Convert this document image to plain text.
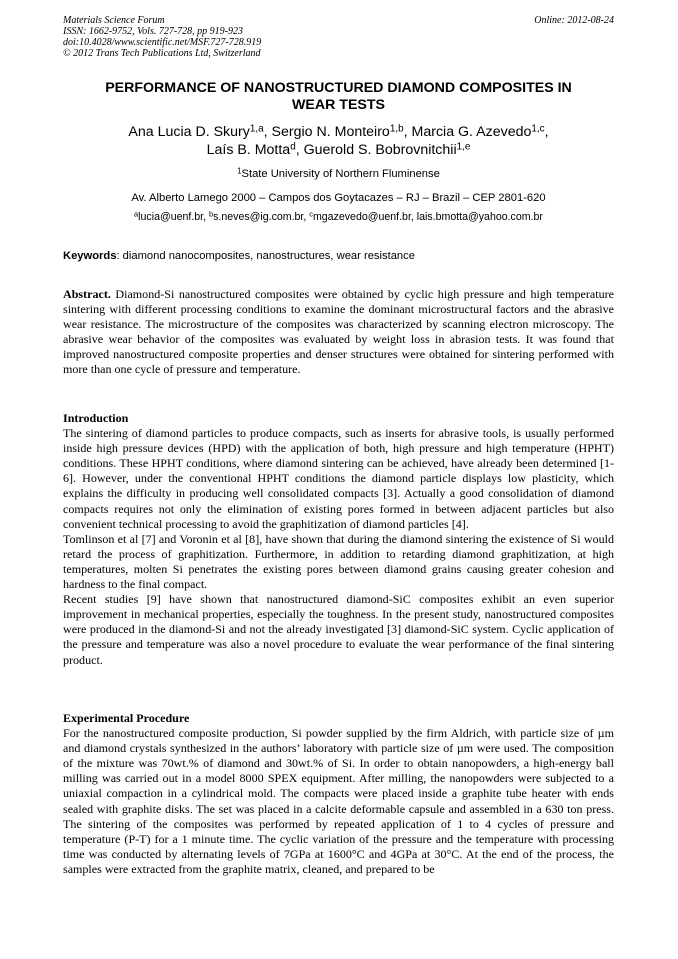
Materials Science Forum
ISSN: 1662-9752, Vols. 727-728, pp 919-923
doi:10.4028/www.scientific.net/MSF.727-728.919
© 2012 Trans Tech Publications Ltd, Switzerland
Online: 2012-08-24
PERFORMANCE OF NANOSTRUCTURED DIAMOND COMPOSITES IN
WEAR TESTS
Ana Lucia D. Skury$^{1,a}$, Sergio N. Monteiro$^{1,b}$, Marcia G. Azevedo$^{1,c}$,
Laís B. Motta$^d$, Guerold S. Bobrovnitchii$^{1,e}$
$^1$State University of Northern Fluminense
Av. Alberto Lamego 2000 – Campos dos Goytacazes – RJ – Brazil – CEP 2801-620
$^a$lucia@uenf.br, $^b$s.neves@ig.com.br, $^c$mgazevedo@uenf.br, lais.bmotta@yahoo.com.br
Keywords: diamond nanocomposites, nanostructures, wear resistance

Abstract. Diamond-Si nanostructured composites were obtained by cyclic high pressure and high temperature sintering with different processing conditions to examine the dominant microstructural factors and the abrasive wear resistance. The microstructure of the composites was characterized by scanning electron microscopy. The abrasive wear behavior of the composites was evaluated by weight loss in abrasion tests. It was found that improved nanostructured composite properties and denser structures were obtained for sintering performed with more than one cycle of pressure and temperature.

Introduction

The sintering of diamond particles to produce compacts, such as inserts for abrasive tools, is usually performed inside high pressure devices (HPD) with the application of both, high pressure and high temperature (HPHT) conditions. These HPHT conditions, where diamond sintering can be achieved, have already been determined [1-6]. However, under the conventional HPHT conditions the diamond particle displays low plasticity, which explains the difficulty in producing well consolidated compacts [3]. Actually a good consolidation of diamond compacts requires not only the elimination of existing pores formed in between adjacent particles but also convenient technical processing to avoid the graphitization of diamond particles [4].

Tomlinson et al [7] and Voronin et al [8], have shown that during the diamond sintering the existence of Si would retard the process of graphitization. Furthermore, in addition to retarding diamond graphitization, at high temperatures, molten Si penetrates the existing pores between diamond grains causing greater cohesion and hardness to the final compact.

Recent studies [9] have shown that nanostructured diamond-SiC composites exhibit an even superior improvement in mechanical properties, especially the toughness. In the present study, nanostructured composites were produced in the diamond-Si and not the already investigated [3] diamond-SiC system. Cyclic application of the pressure and temperature was also a novel procedure to evaluate the wear performance of the final sintering product.

Experimental Procedure

For the nanostructured composite production, Si powder supplied by the firm Aldrich, with particle size of µm and diamond crystals synthesized in the authors’ laboratory with particle size of µm were used. The composition of the mixture was 70wt.% of diamond and 30wt.% of Si. In order to obtain nanopowders, a high-energy ball milling was carried out in a model 8000 SPEX equipment. After milling, the nanopowders were subjected to a uniaxial compaction in a cylindrical mold. The compacts were placed inside a graphite tube heater with ends sealed with graphite disks. The set was placed in a calcite deformable capsule and assembled in a 630 ton press. The sintering of the composites was performed by repeated application of 1 to 4 cycles of pressure and temperature (P-T) for a 1 minute time. The cyclic variation of the pressure and the temperature with processing time was conducted by alternating levels of 7GPa at 1600°C and 4GPa at 30°C. At the end of the process, the samples were extracted from the graphite matrix, cleaned, and prepared to be
